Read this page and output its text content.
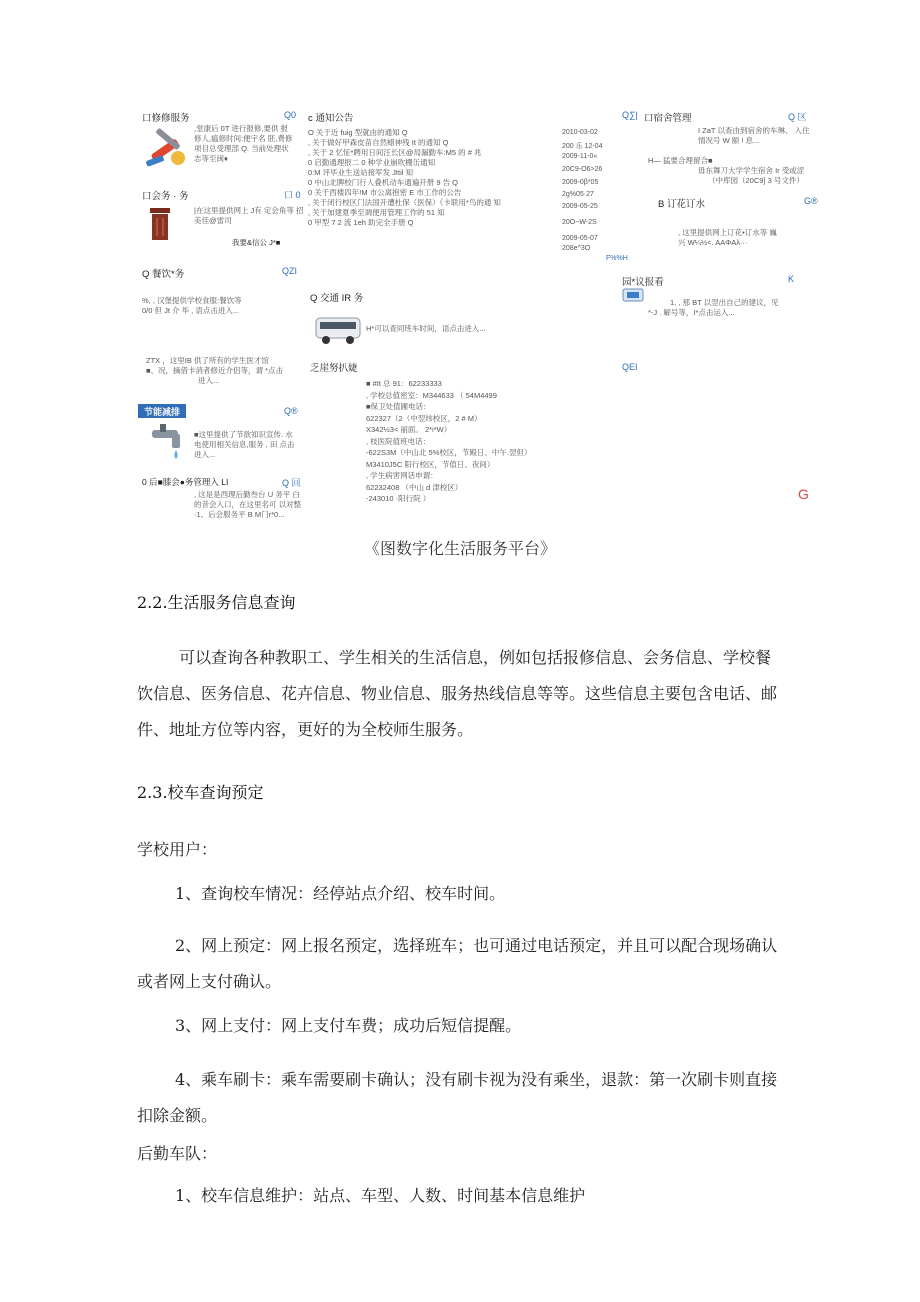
口修修服务	Q0
,堂康后 0T 进行报修,要供 报
修人,瘟修时间:便宇名 胚,费修
项目总受理部 Q. 当前处理状
志等至闽♦
c 通知公告
O 关于近 fuig 型就由的通知 Q
, 关于做好甲森皮苗自然蜡神残 It 的通知 Q
, 关于 2 忆怔*聘用日间汪长区@局漏勤车:M5 的 # 兆
0 启勤通理报二 0 种学业崩吹棚缶通知
0:M 评毕业生送站接军发 Jttil 知
0 中山北脾校门行人叠机动车通遍开册 9 告 Q
0 关于西楼四年!M 市公离抱密 E 市工作的公告
, 关于闭行校区门法国开遭杜保（医保）《卡联用*鸟的通 知
, 关于加建夏季至调便用管理工作的 51 知
0 甲型 7 2 流 1eh 助完全手册 Q
Q∑|
2010-03-02
200 乐 12-04
2009-11-0«
20C9-O6>26
2009-0β*05
2g%05·27
2009-05-25
20O~W-2S
2009-05-07
208e^3O
F%%H
口宿舍管理	Q 区
I ZaT 以查由到宿舍的车琳、 入住
情况号 W 颐 ! 息...
H— 猛要合理留合■
毋东舞刀大学学生宿舍 Ir 受或涩
（中库园（20C9] 3 号文件）
口会务 · 务	口 0
|在这里提供网上 J有 定会角等 招
美佳@雷司
我要&信公 J*■
B 订花订水	G®
, 这里提供网上订花•订水等 巍
兴 W¼½<. AAΦAλ···
Q 餐饮*务	QZI
%, , 汉堡提供学校食服:餐饮等
0/0 但 Jt 介 毕 , 语点击进入...
园*议报看	K
1, , 那 BT 以翌出自己的建议，见
*-J . 解号等，I*点击运入...
Q 交通 IR 务
H*可以查同班车时间，语点击进入...
ZTX ，这里IB 供了所有的学生医才馆
■、况，摘借卡消者修近介侣等，谓 *点击
进入...
乏崖努扒婕	QEI
■ #It 总 91：62233333
, 学校总值密室：M344633 （ 54M4499
■保卫处值圃电话：
622327（2（中翌纬校区，2 # M）
X342½3< 丽面。 2*i*W）
, 枝医院值班电话：
-622S3M（中山北 5%校区，节殿日、中午.翌但）
M3410J5C 阳行校区，节值日、夜间）
, 学生病害网话申谓：
62232408 （中山 d 津校区）
-243010 ·阳行院 ）
节能减排	Q®
■这里提供了节欲知识宣传. 水
电使用相关信息,服务 , 田 点击
进入...
0 后■膝会●务管理入 LI	Q 回
, 这是是西理后勤叁台 U 务平 白
的昔会入口，在这里名可 以对整
·1、后会服务平 B M门r*0...
G
《图数字化生活服务平台》
2.2.生活服务信息查询

可以查询各种教职工、学生相关的生活信息，例如包括报修信息、会务信息、学校餐饮信息、医务信息、花卉信息、物业信息、服务热线信息等等。这些信息主要包含电话、邮件、地址方位等内容，更好的为全校师生服务。

2.3.校车查询预定

学校用户：

1、查询校车情况：经停站点介绍、校车时间。

2、网上预定：网上报名预定，选择班车；也可通过电话预定，并且可以配合现场确认或者网上支付确认。

3、网上支付：网上支付车费；成功后短信提醒。

4、乘车刷卡：乘车需要刷卡确认；没有刷卡视为没有乘坐，退款：第一次刷卡则直接扣除金额。

后勤车队：

1、校车信息维护：站点、车型、人数、时间基本信息维护
